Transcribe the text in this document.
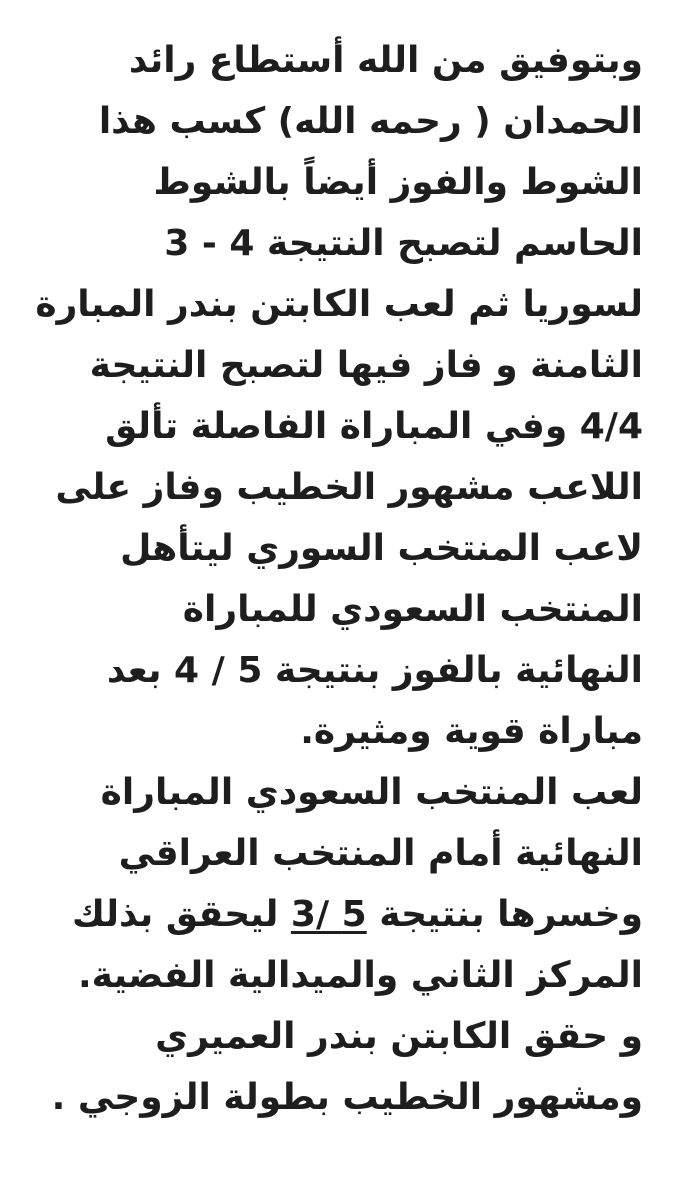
وبتوفيق من الله أستطاع رائد
الحمدان ( رحمه الله) كسب هذا
الشوط والفوز أيضاً بالشوط
الحاسم لتصبح النتيجة 4 - 3
لسوريا ثم لعب الكابتن بندر المبارة
الثامنة و فاز فيها لتصبح النتيجة
4/4 وفي المباراة الفاصلة تألق
اللاعب مشهور الخطيب وفاز على
لاعب المنتخب السوري ليتأهل
المنتخب السعودي للمباراة
النهائية بالفوز بنتيجة 5 / 4 بعد
مباراة قوية ومثيرة.
لعب المنتخب السعودي المباراة
النهائية أمام المنتخب العراقي
وخسرها بنتيجة 5 /3 ليحقق بذلك
المركز الثاني والميدالية الفضية.
و حقق الكابتن بندر العميري
ومشهور الخطيب بطولة الزوجي .
